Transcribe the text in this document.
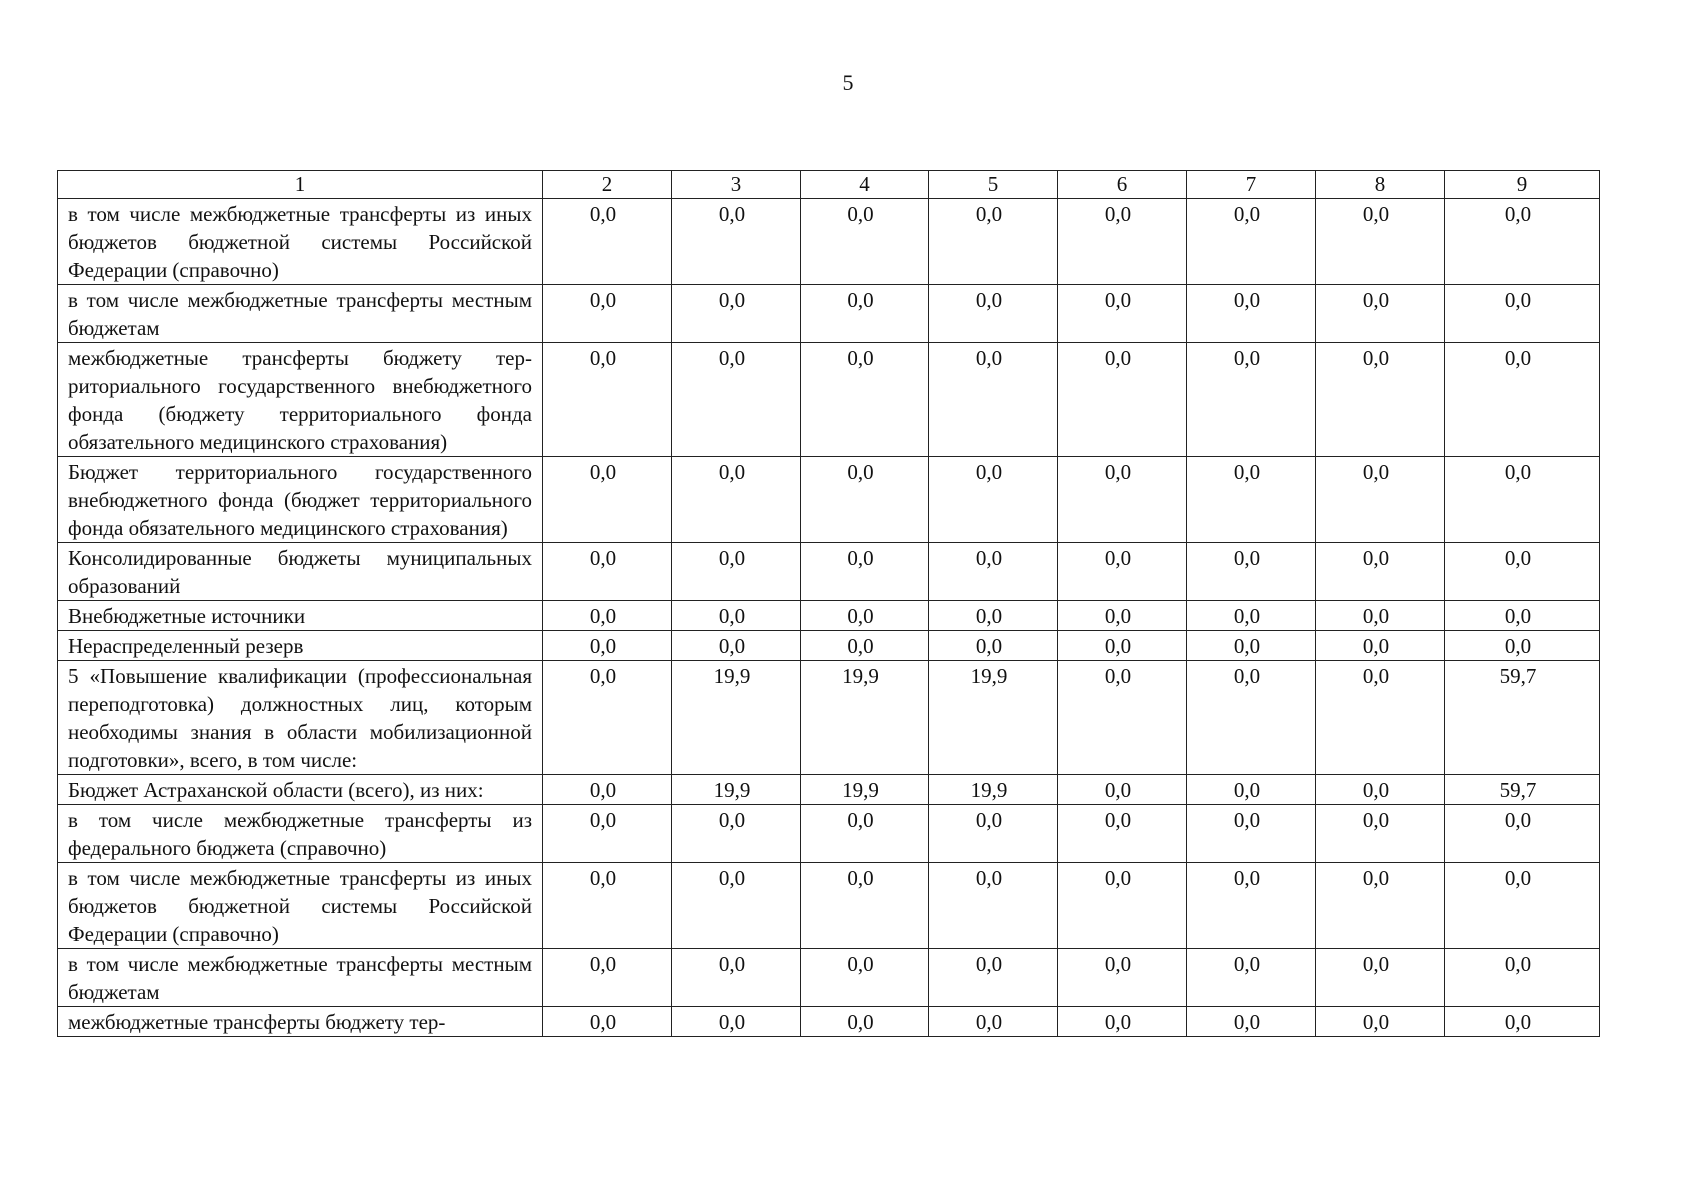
5
1	2	3	4	5	6	7	8	9
в том числе межбюджетные трансферты из иных бюджетов бюджетной системы Российской Федерации (справочно)	0,0	0,0	0,0	0,0	0,0	0,0	0,0	0,0
в том числе межбюджетные трансферты местным бюджетам	0,0	0,0	0,0	0,0	0,0	0,0	0,0	0,0
межбюджетные трансферты бюджету территориального государственного внебюджетного фонда (бюджету территориального фонда обязательного медицинского страхования)	0,0	0,0	0,0	0,0	0,0	0,0	0,0	0,0
Бюджет территориального государственного внебюджетного фонда (бюджет территориального фонда обязательного медицинского страхования)	0,0	0,0	0,0	0,0	0,0	0,0	0,0	0,0
Консолидированные бюджеты муниципальных образований	0,0	0,0	0,0	0,0	0,0	0,0	0,0	0,0
Внебюджетные источники	0,0	0,0	0,0	0,0	0,0	0,0	0,0	0,0
Нераспределенный резерв	0,0	0,0	0,0	0,0	0,0	0,0	0,0	0,0
5 «Повышение квалификации (профессиональная переподготовка) должностных лиц, которым необходимы знания в области мобилизационной подготовки», всего, в том числе:	0,0	19,9	19,9	19,9	0,0	0,0	0,0	59,7
Бюджет Астраханской области (всего), из них:	0,0	19,9	19,9	19,9	0,0	0,0	0,0	59,7
в том числе межбюджетные трансферты из федерального бюджета (справочно)	0,0	0,0	0,0	0,0	0,0	0,0	0,0	0,0
в том числе межбюджетные трансферты из иных бюджетов бюджетной системы Российской Федерации (справочно)	0,0	0,0	0,0	0,0	0,0	0,0	0,0	0,0
в том числе межбюджетные трансферты местным бюджетам	0,0	0,0	0,0	0,0	0,0	0,0	0,0	0,0
межбюджетные трансферты бюджету тер-	0,0	0,0	0,0	0,0	0,0	0,0	0,0	0,0
